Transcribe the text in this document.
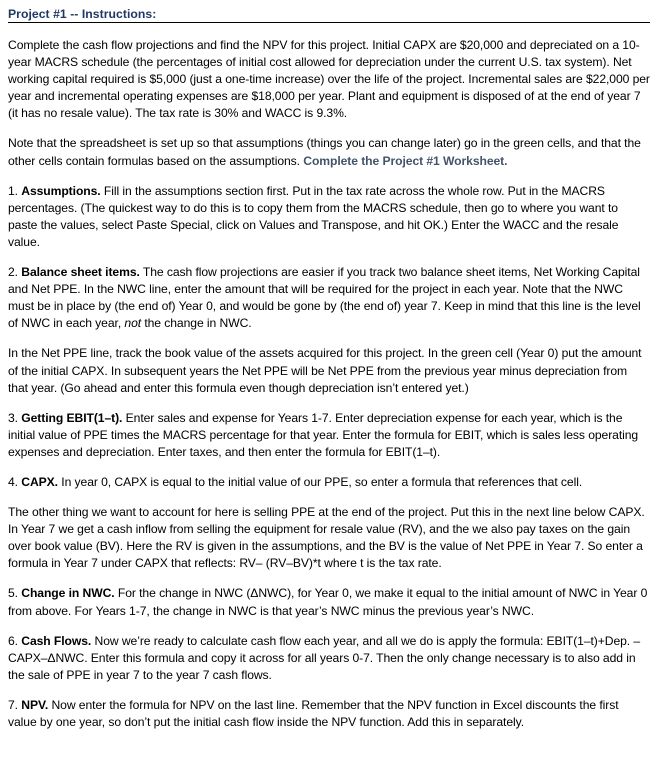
Project #1 -- Instructions:

Complete the cash flow projections and find the NPV for this project. Initial CAPX are $20,000 and depreciated on a 10-year MACRS schedule (the percentages of initial cost allowed for depreciation under the current U.S. tax system). Net working capital required is $5,000 (just a one-time increase) over the life of the project. Incremental sales are $22,000 per year and incremental operating expenses are $18,000 per year. Plant and equipment is disposed of at the end of year 7 (it has no resale value). The tax rate is 30% and WACC is 9.3%.

Note that the spreadsheet is set up so that assumptions (things you can change later) go in the green cells, and that the other cells contain formulas based on the assumptions. Complete the Project #1 Worksheet.

1. Assumptions. Fill in the assumptions section first. Put in the tax rate across the whole row. Put in the MACRS percentages. (The quickest way to do this is to copy them from the MACRS schedule, then go to where you want to paste the values, select Paste Special, click on Values and Transpose, and hit OK.) Enter the WACC and the resale value.

2. Balance sheet items. The cash flow projections are easier if you track two balance sheet items, Net Working Capital and Net PPE. In the NWC line, enter the amount that will be required for the project in each year. Note that the NWC must be in place by (the end of) Year 0, and would be gone by (the end of) year 7. Keep in mind that this line is the level of NWC in each year, not the change in NWC.

In the Net PPE line, track the book value of the assets acquired for this project. In the green cell (Year 0) put the amount of the initial CAPX. In subsequent years the Net PPE will be Net PPE from the previous year minus depreciation from that year. (Go ahead and enter this formula even though depreciation isn’t entered yet.)

3. Getting EBIT(1–t). Enter sales and expense for Years 1-7. Enter depreciation expense for each year, which is the initial value of PPE times the MACRS percentage for that year. Enter the formula for EBIT, which is sales less operating expenses and depreciation. Enter taxes, and then enter the formula for EBIT(1–t).

4. CAPX. In year 0, CAPX is equal to the initial value of our PPE, so enter a formula that references that cell.

The other thing we want to account for here is selling PPE at the end of the project. Put this in the next line below CAPX. In Year 7 we get a cash inflow from selling the equipment for resale value (RV), and the we also pay taxes on the gain over book value (BV). Here the RV is given in the assumptions, and the BV is the value of Net PPE in Year 7. So enter a formula in Year 7 under CAPX that reflects: RV– (RV–BV)*t where t is the tax rate.

5. Change in NWC. For the change in NWC (ΔNWC), for Year 0, we make it equal to the initial amount of NWC in Year 0 from above. For Years 1-7, the change in NWC is that year’s NWC minus the previous year’s NWC.

6. Cash Flows. Now we’re ready to calculate cash flow each year, and all we do is apply the formula: EBIT(1–t)+Dep. –CAPX–ΔNWC. Enter this formula and copy it across for all years 0-7. Then the only change necessary is to also add in the sale of PPE in year 7 to the year 7 cash flows.

7. NPV. Now enter the formula for NPV on the last line. Remember that the NPV function in Excel discounts the first value by one year, so don’t put the initial cash flow inside the NPV function. Add this in separately.
